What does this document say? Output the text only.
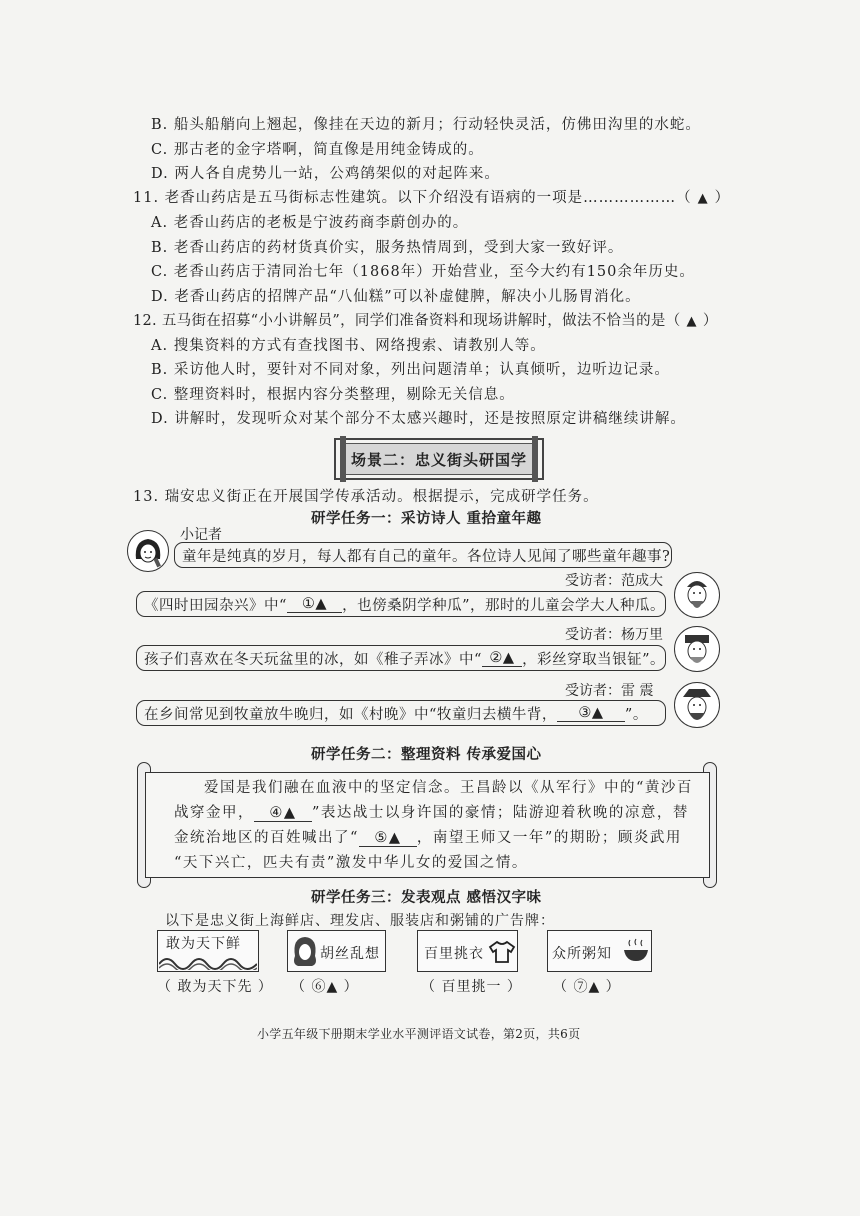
B. 船头船艄向上翘起，像挂在天边的新月；行动轻快灵活，仿佛田沟里的水蛇。
C. 那古老的金字塔啊，简直像是用纯金铸成的。
D. 两人各自虎势儿一站，公鸡鹐架似的对起阵来。
11. 老香山药店是五马街标志性建筑。以下介绍没有语病的一项是………………（ ▲ ）
A. 老香山药店的老板是宁波药商李蔚创办的。
B. 老香山药店的药材货真价实，服务热情周到，受到大家一致好评。
C. 老香山药店于清同治七年（1868年）开始营业，至今大约有150余年历史。
D. 老香山药店的招牌产品“八仙糕”可以补虚健脾，解决小儿肠胃消化。
12. 五马街在招募“小小讲解员”，同学们准备资料和现场讲解时，做法不恰当的是（ ▲ ）
A. 搜集资料的方式有查找图书、网络搜索、请教别人等。
B. 采访他人时，要针对不同对象，列出问题清单；认真倾听，边听边记录。
C. 整理资料时，根据内容分类整理，剔除无关信息。
D. 讲解时，发现听众对某个部分不太感兴趣时，还是按照原定讲稿继续讲解。
场景二：忠义街头研国学
13. 瑞安忠义街正在开展国学传承活动。根据提示，完成研学任务。
研学任务一：采访诗人 重拾童年趣
小记者
童年是纯真的岁月，每人都有自己的童年。各位诗人见闻了哪些童年趣事?
受访者：范成大
《四时田园杂兴》中“	①▲	，也傍桑阴学种瓜”，那时的儿童会学大人种瓜。
受访者：杨万里
孩子们喜欢在冬天玩盆里的冰，如《稚子弄冰》中“ ②▲ ，彩丝穿取当银钲”。
受访者：雷 震
在乡间常见到牧童放牛晚归，如《村晚》中“牧童归去横牛背，	③▲	”。
研学任务二：整理资料 传承爱国心
爱国是我们融在血液中的坚定信念。王昌龄以《从军行》中的“黄沙百
战穿金甲， ④▲ ”表达战士以身许国的豪情；陆游迎着秋晚的凉意，替
金统治地区的百姓喊出了“ ⑤▲ ，南望王师又一年”的期盼；顾炎武用
“天下兴亡，匹夫有责”激发中华儿女的爱国之情。
研学任务三：发表观点 感悟汉字味
以下是忠义街上海鲜店、理发店、服装店和粥铺的广告牌：
敢为天下鲜
胡丝乱想	百里挑衣	众所粥知
（ 敢为天下先 ） （ ⑥▲ ）	（ 百里挑一 ） （ ⑦▲ ）
小学五年级下册期末学业水平测评语文试卷，第2页，共6页
